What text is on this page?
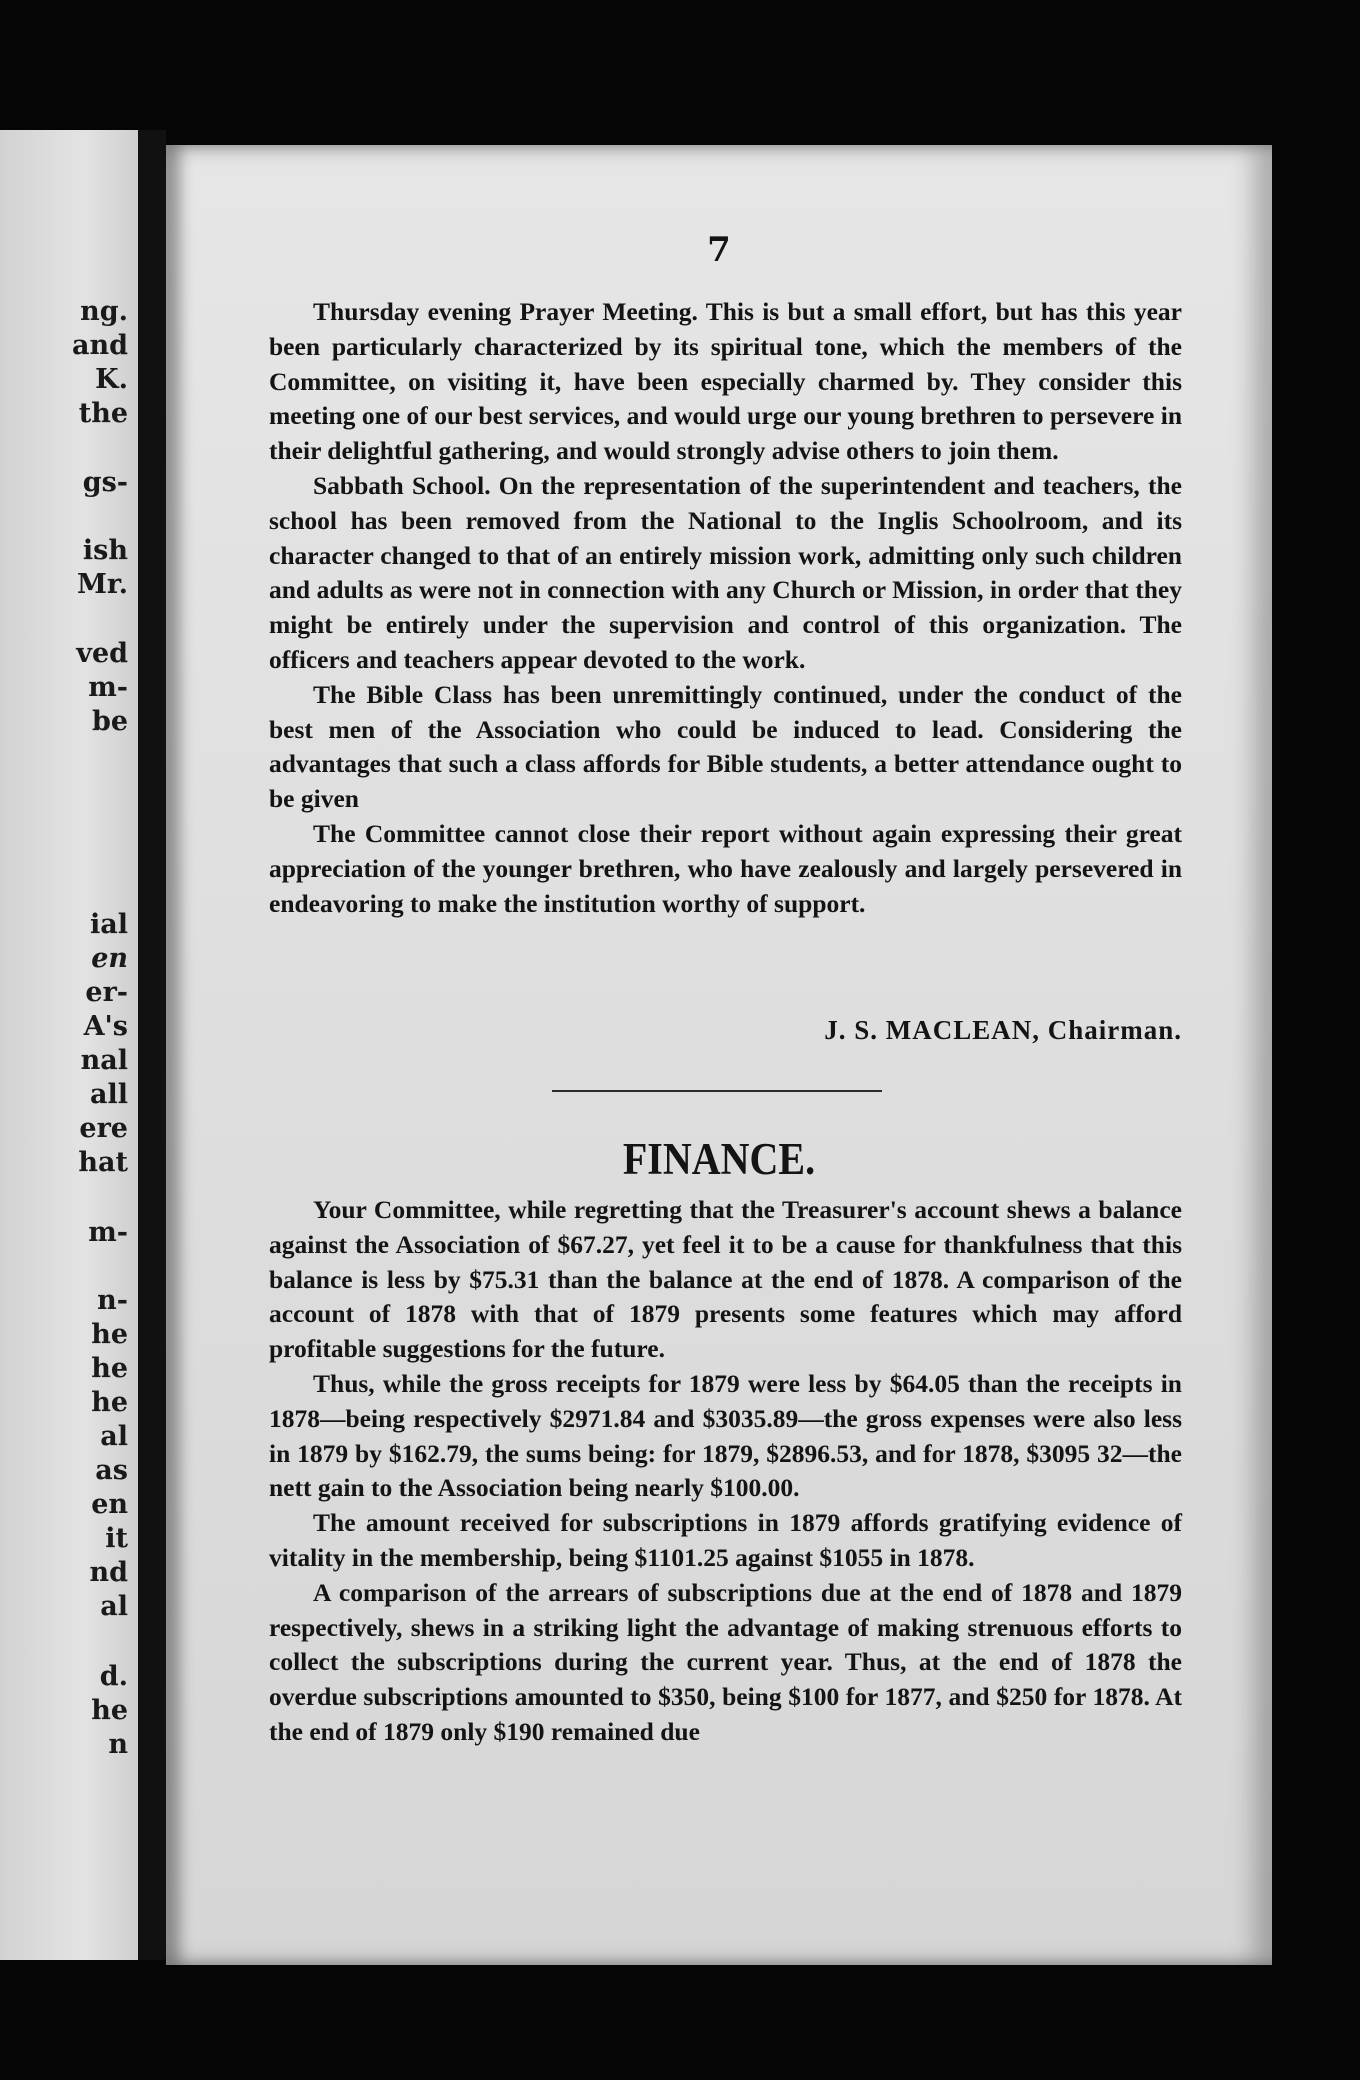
ng.
and
K.
the
gs-
ish
Mr.
ved
m-
be
ial
en
er-
A's
nal
all
ere
hat
m-
n-
he
he
he
al
as
en
it
nd
al
d.
he
n
7

Thursday evening Prayer Meeting. This is but a small effort, but has this year been particularly characterized by its spiritual tone, which the members of the Committee, on visiting it, have been especially charmed by. They consider this meeting one of our best services, and would urge our young brethren to persevere in their delightful gathering, and would strongly advise others to join them.

Sabbath School. On the representation of the superintendent and teachers, the school has been removed from the National to the Inglis Schoolroom, and its character changed to that of an entirely mission work, admitting only such children and adults as were not in connection with any Church or Mission, in order that they might be entirely under the supervision and control of this organization. The officers and teachers appear devoted to the work.

The Bible Class has been unremittingly continued, under the conduct of the best men of the Association who could be induced to lead. Considering the advantages that such a class affords for Bible students, a better attendance ought to be given

The Committee cannot close their report without again expressing their great appreciation of the younger brethren, who have zealously and largely persevered in endeavoring to make the institution worthy of support.

J. S. MACLEAN, Chairman.
FINANCE.

Your Committee, while regretting that the Treasurer's account shews a balance against the Association of $67.27, yet feel it to be a cause for thankfulness that this balance is less by $75.31 than the balance at the end of 1878. A comparison of the account of 1878 with that of 1879 presents some features which may afford profitable suggestions for the future.

Thus, while the gross receipts for 1879 were less by $64.05 than the receipts in 1878—being respectively $2971.84 and $3035.89—the gross expenses were also less in 1879 by $162.79, the sums being: for 1879, $2896.53, and for 1878, $3095 32—the nett gain to the Association being nearly $100.00.

The amount received for subscriptions in 1879 affords gratifying evidence of vitality in the membership, being $1101.25 against $1055 in 1878.

A comparison of the arrears of subscriptions due at the end of 1878 and 1879 respectively, shews in a striking light the advantage of making strenuous efforts to collect the subscriptions during the current year. Thus, at the end of 1878 the overdue subscriptions amounted to $350, being $100 for 1877, and $250 for 1878. At the end of 1879 only $190 remained due
